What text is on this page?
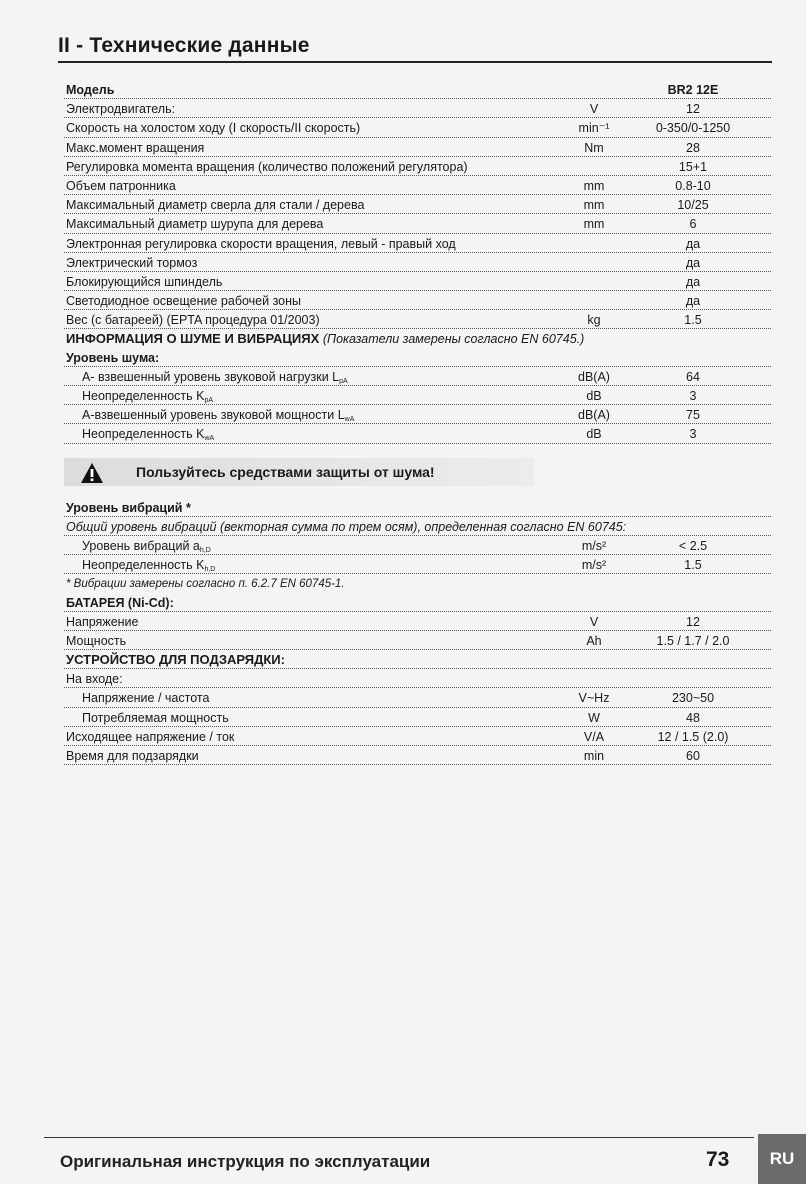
II - Технические данные
Модель	BR2 12E
Электродвигатель:	V	12
Скорость на холостом ходу (I скорость/II скорость)	min⁻¹	0-350/0-1250
Макс.момент вращения	Nm	28
Регулировка момента вращения (количество положений регулятора)	15+1
Объем патронника	mm	0.8-10
Максимальный диаметр сверла для стали / дерева	mm	10/25
Максимальный диаметр шурупа для дерева	mm	6
Электронная регулировка скорости вращения, левый - правый ход	да
Электрический тормоз	да
Блокирующийся шпиндель	да
Светодиодное освещение рабочей зоны	да
Вес (с батареей) (EPTA процедура 01/2003)	kg	1.5
ИНФОРМАЦИЯ О ШУМЕ И ВИБРАЦИЯХ (Показатели замерены согласно EN 60745.)
Уровень шума:
A- взвешенный уровень звуковой нагрузки $L_{pA}$	dB(A)	64
Неопределенность $K_{pA}$	dB	3
A-взвешенный уровень звуковой мощности $L_{wA}$	dB(A)	75
Неопределенность $K_{wA}$	dB	3
Пользуйтесь средствами защиты от шума!
Уровень вибраций *
Общий уровень вибраций (векторная сумма по трем осям), определенная согласно EN 60745:
Уровень вибраций $a_{h,D}$	m/s²	< 2.5
Неопределенность $K_{h,D}$	m/s²	1.5
* Вибрации замерены согласно п. 6.2.7 EN 60745-1.
БАТАРЕЯ (Ni-Cd):
Напряжение	V	12
Мощность	Ah	1.5 / 1.7 / 2.0
УСТРОЙСТВО ДЛЯ ПОДЗАРЯДКИ:
На входе:
Напряжение / частота	V~Hz	230~50
Потребляемая мощность	W	48
Исходящее напряжение / ток	V/A	12 / 1.5 (2.0)
Время для подзарядки	min	60
Оригинальная инструкция по эксплуатации	73	RU
